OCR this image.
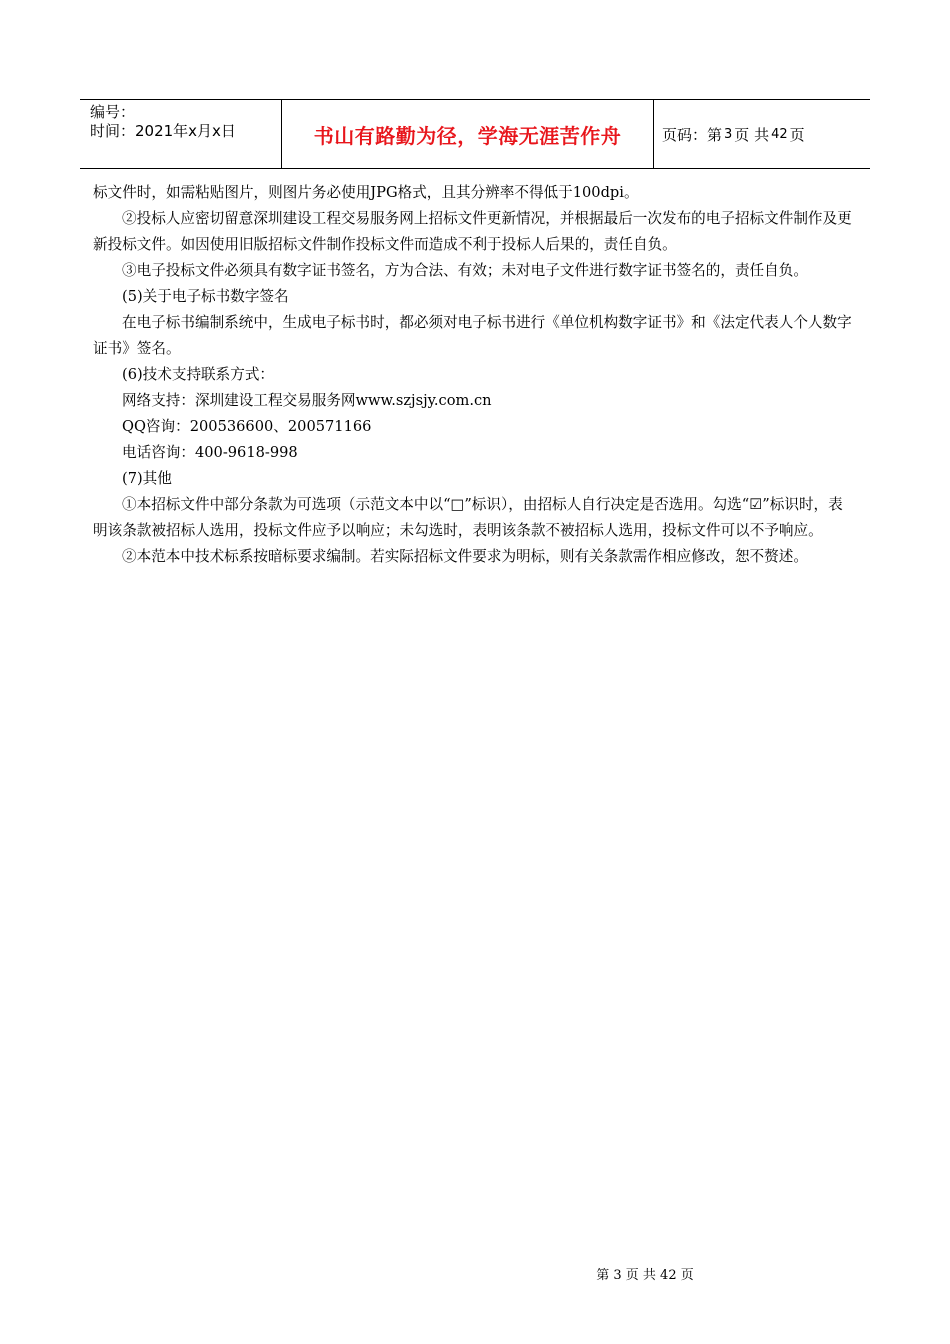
编号：
时间：2021年x月x日	书山有路勤为径，学海无涯苦作舟	页码：第 3 页 共 42 页

标文件时，如需粘贴图片，则图片务必使用JPG格式，且其分辨率不得低于100dpi。

②投标人应密切留意深圳建设工程交易服务网上招标文件更新情况，并根据最后一次发布的电子招标文件制作及更新投标文件。如因使用旧版招标文件制作投标文件而造成不利于投标人后果的，责任自负。

③电子投标文件必须具有数字证书签名，方为合法、有效；未对电子文件进行数字证书签名的，责任自负。

(5)关于电子标书数字签名

在电子标书编制系统中，生成电子标书时，都必须对电子标书进行《单位机构数字证书》和《法定代表人个人数字证书》签名。

(6)技术支持联系方式：

网络支持：深圳建设工程交易服务网www.szjsjy.com.cn

QQ咨询：200536600、200571166

电话咨询：400-9618-998

(7)其他

①本招标文件中部分条款为可选项（示范文本中以“□”标识），由招标人自行决定是否选用。勾选“☑”标识时，表明该条款被招标人选用，投标文件应予以响应；未勾选时，表明该条款不被招标人选用，投标文件可以不予响应。

②本范本中技术标系按暗标要求编制。若实际招标文件要求为明标，则有关条款需作相应修改，恕不赘述。

第 3 页 共 42 页
